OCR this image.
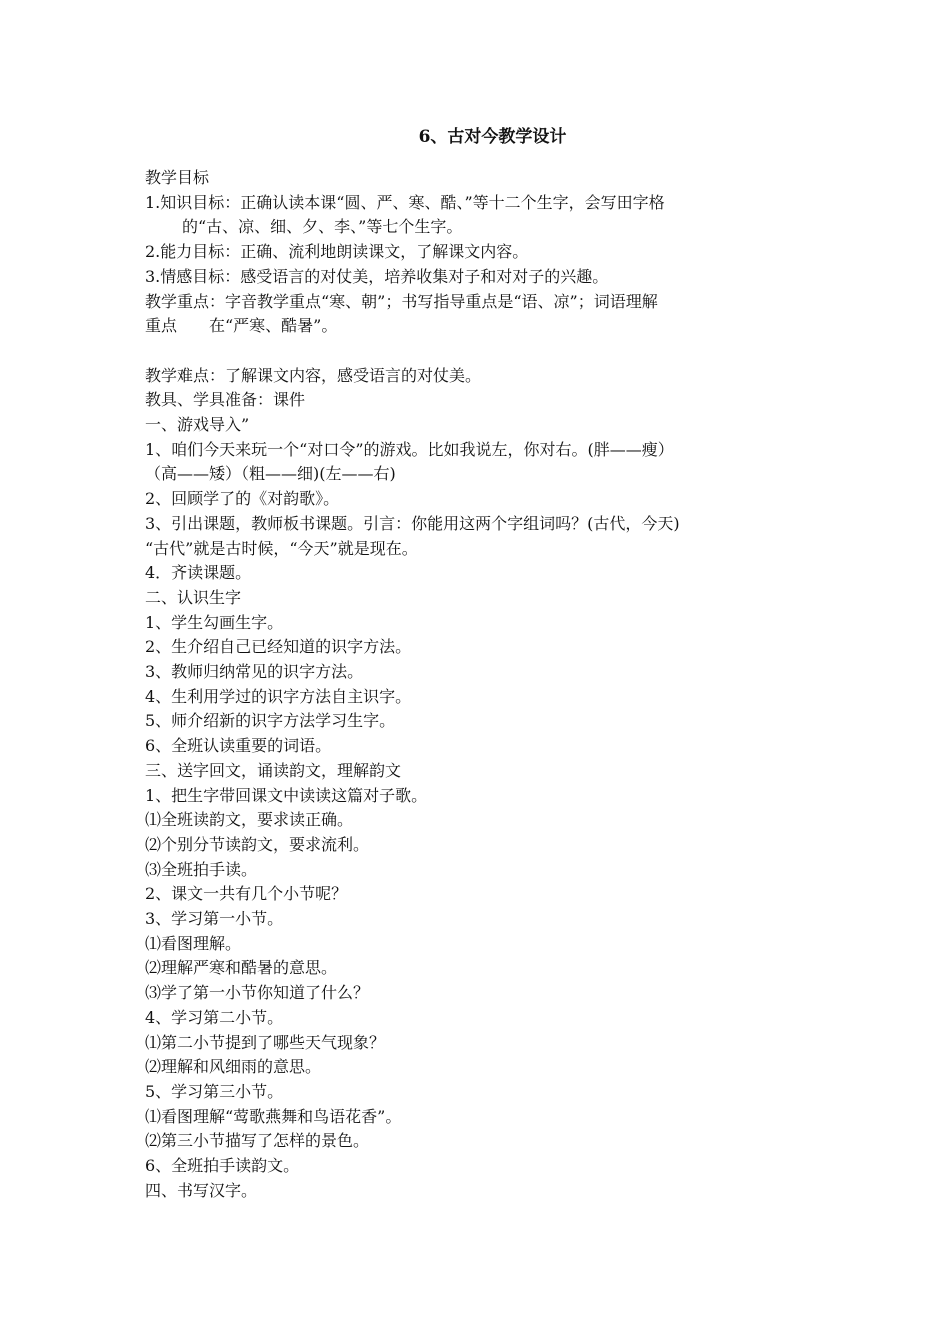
6、古对今教学设计
教学目标
1.知识目标：正确认读本课“圆、严、寒、酷、”等十二个生字，会写田字格
的“古、凉、细、夕、李、”等七个生字。
2.能力目标：正确、流利地朗读课文，了解课文内容。
3.情感目标：感受语言的对仗美，培养收集对子和对对子的兴趣。
教学重点：字音教学重点“寒、朝”；书写指导重点是“语、凉”；词语理解
重点　　在“严寒、酷暑”。
教学难点：了解课文内容，感受语言的对仗美。
教具、学具准备：课件
一、游戏导入”
1、咱们今天来玩一个“对口令”的游戏。比如我说左，你对右。(胖——瘦）
（高——矮）（粗——细)(左——右)
2、回顾学了的《对韵歌》。
3、引出课题，教师板书课题。引言：你能用这两个字组词吗？(古代，今天)
“古代”就是古时候，“今天”就是现在。
4．齐读课题。
二、认识生字
1、学生勾画生字。
2、生介绍自己已经知道的识字方法。
3、教师归纳常见的识字方法。
4、生利用学过的识字方法自主识字。
5、师介绍新的识字方法学习生字。
6、全班认读重要的词语。
三、送字回文，诵读韵文，理解韵文
1、把生字带回课文中读读这篇对子歌。
⑴全班读韵文，要求读正确。
⑵个别分节读韵文，要求流利。
⑶全班拍手读。
2、课文一共有几个小节呢？
3、学习第一小节。
⑴看图理解。
⑵理解严寒和酷暑的意思。
⑶学了第一小节你知道了什么？
4、学习第二小节。
⑴第二小节提到了哪些天气现象？
⑵理解和风细雨的意思。
5、学习第三小节。
⑴看图理解“莺歌燕舞和鸟语花香”。
⑵第三小节描写了怎样的景色。
6、全班拍手读韵文。
四、书写汉字。
